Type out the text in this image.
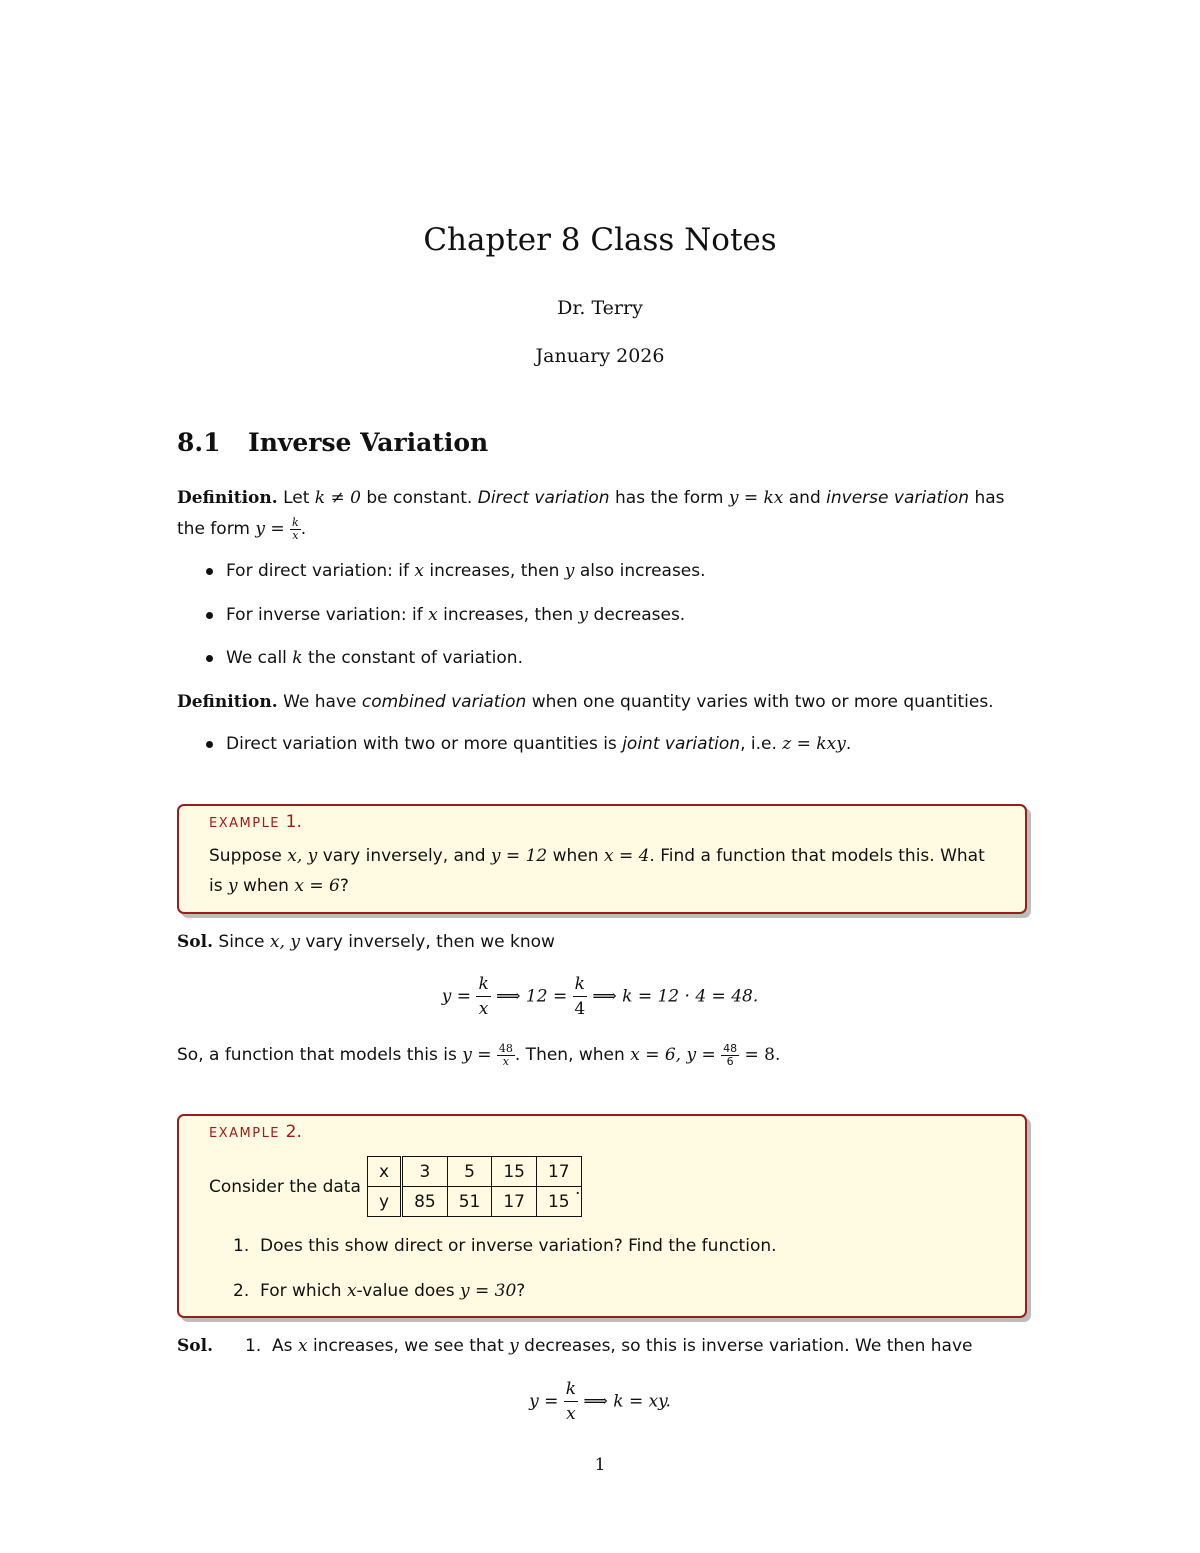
Chapter 8 Class Notes
Dr. Terry
January 2026
8.1 Inverse Variation
Definition. Let k ≠ 0 be constant. Direct variation has the form y = kx and inverse variation has
the form $y = \frac{k}{x}$ .
For direct variation: if x increases, then y also increases.
For inverse variation: if x increases, then y decreases.
We call k the constant of variation.
Definition. We have combined variation when one quantity varies with two or more quantities.
Direct variation with two or more quantities is joint variation, i.e. z = kxy.
EXAMPLE 1.
Suppose x, y vary inversely, and y = 12 when x = 4. Find a function that models this. What
is y when x = 6?
Sol. Since x, y vary inversely, then we know
$y = \frac{k}{x}$ ⟹ $12 = \frac{k}{4}$ ⟹ k = 12 · 4 = 48.
So, a function that models this is $y = \frac{48}{x}$ . Then, when x = 6, $y = \frac{48}{6} = 8$.
EXAMPLE 2.
Consider the data
x	3	5	15	17
y	85	51	17	15
.
1. Does this show direct or inverse variation? Find the function.
2. For which x-value does y = 30?
Sol. 1. As x increases, we see that y decreases, so this is inverse variation. We then have
$y = \frac{k}{x}$ ⟹ k = xy.
1
